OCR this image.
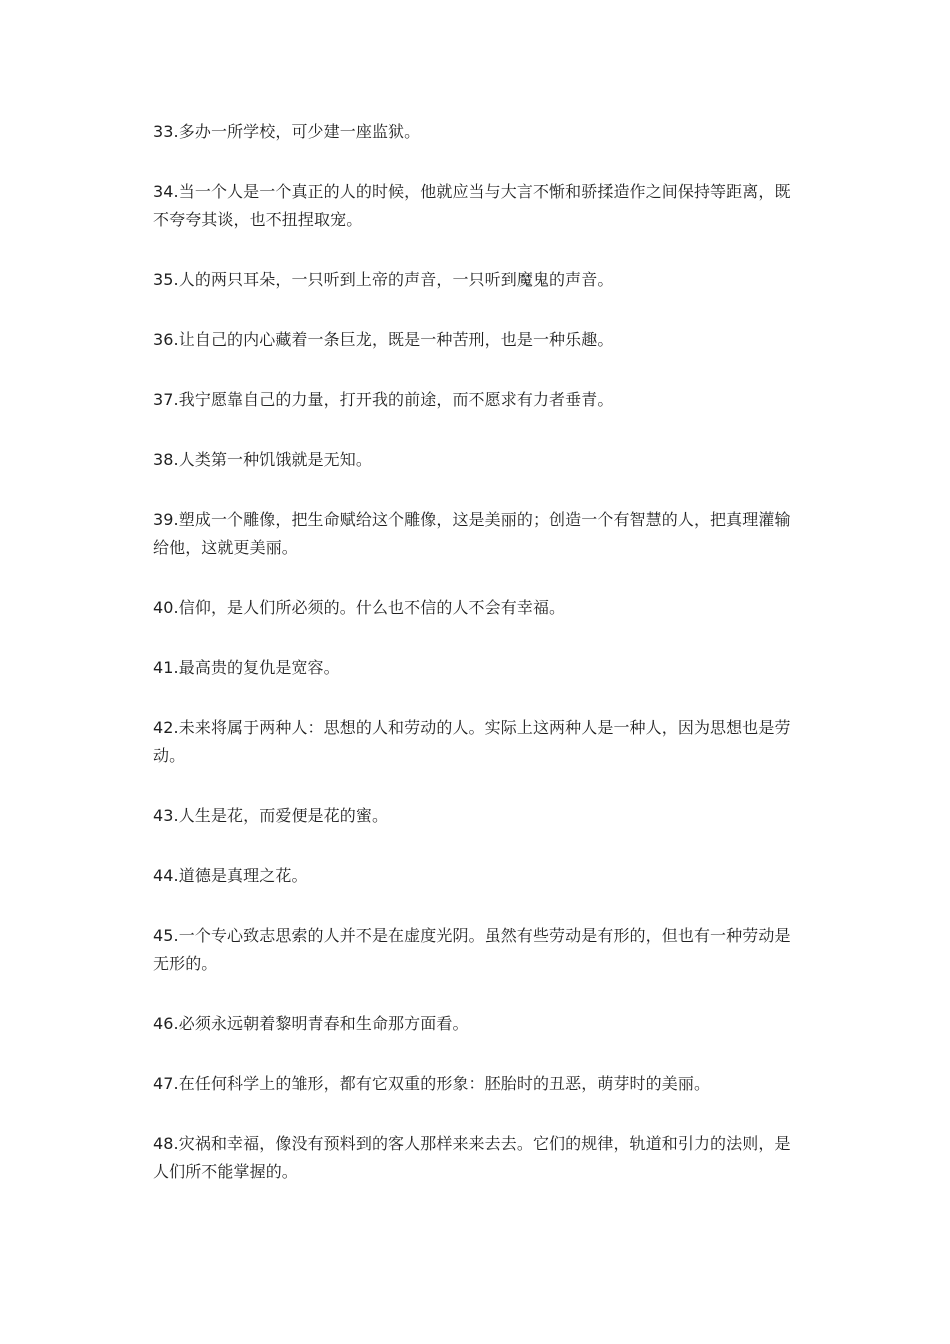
33.多办一所学校，可少建一座监狱。

34.当一个人是一个真正的人的时候，他就应当与大言不惭和骄揉造作之间保持等距离，既不夸夸其谈，也不扭捏取宠。

35.人的两只耳朵，一只听到上帝的声音，一只听到魔鬼的声音。

36.让自己的内心藏着一条巨龙，既是一种苦刑，也是一种乐趣。

37.我宁愿靠自己的力量，打开我的前途，而不愿求有力者垂青。

38.人类第一种饥饿就是无知。

39.塑成一个雕像，把生命赋给这个雕像，这是美丽的；创造一个有智慧的人，把真理灌输给他，这就更美丽。

40.信仰，是人们所必须的。什么也不信的人不会有幸福。

41.最高贵的复仇是宽容。

42.未来将属于两种人：思想的人和劳动的人。实际上这两种人是一种人，因为思想也是劳动。

43.人生是花，而爱便是花的蜜。

44.道德是真理之花。

45.一个专心致志思索的人并不是在虚度光阴。虽然有些劳动是有形的，但也有一种劳动是无形的。

46.必须永远朝着黎明青春和生命那方面看。

47.在任何科学上的雏形，都有它双重的形象：胚胎时的丑恶，萌芽时的美丽。

48.灾祸和幸福，像没有预料到的客人那样来来去去。它们的规律，轨道和引力的法则，是人们所不能掌握的。
